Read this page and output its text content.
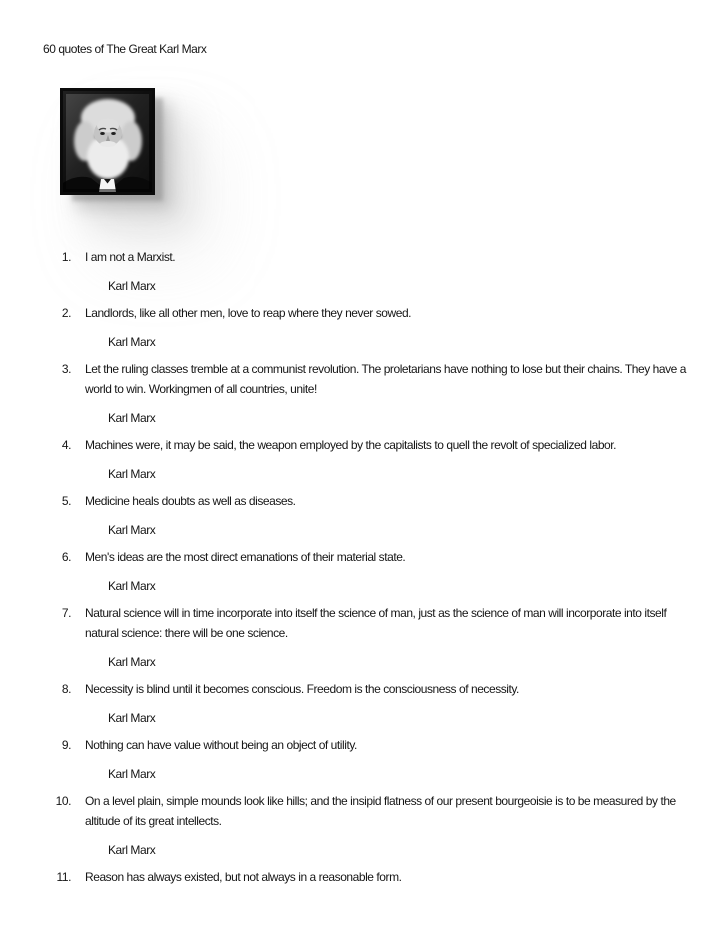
60 quotes of The Great Karl Marx
1. I am not a Marxist.

Karl Marx

2. Landlords, like all other men, love to reap where they never sowed.

Karl Marx

3. Let the ruling classes tremble at a communist revolution. The proletarians have nothing to lose but their chains. They have a world to win. Workingmen of all countries, unite!

Karl Marx

4. Machines were, it may be said, the weapon employed by the capitalists to quell the revolt of specialized labor.

Karl Marx

5. Medicine heals doubts as well as diseases.

Karl Marx

6. Men's ideas are the most direct emanations of their material state.

Karl Marx

7. Natural science will in time incorporate into itself the science of man, just as the science of man will incorporate into itself natural science: there will be one science.

Karl Marx

8. Necessity is blind until it becomes conscious. Freedom is the consciousness of necessity.

Karl Marx

9. Nothing can have value without being an object of utility.

Karl Marx

10. On a level plain, simple mounds look like hills; and the insipid flatness of our present bourgeoisie is to be measured by the altitude of its great intellects.

Karl Marx

11. Reason has always existed, but not always in a reasonable form.
